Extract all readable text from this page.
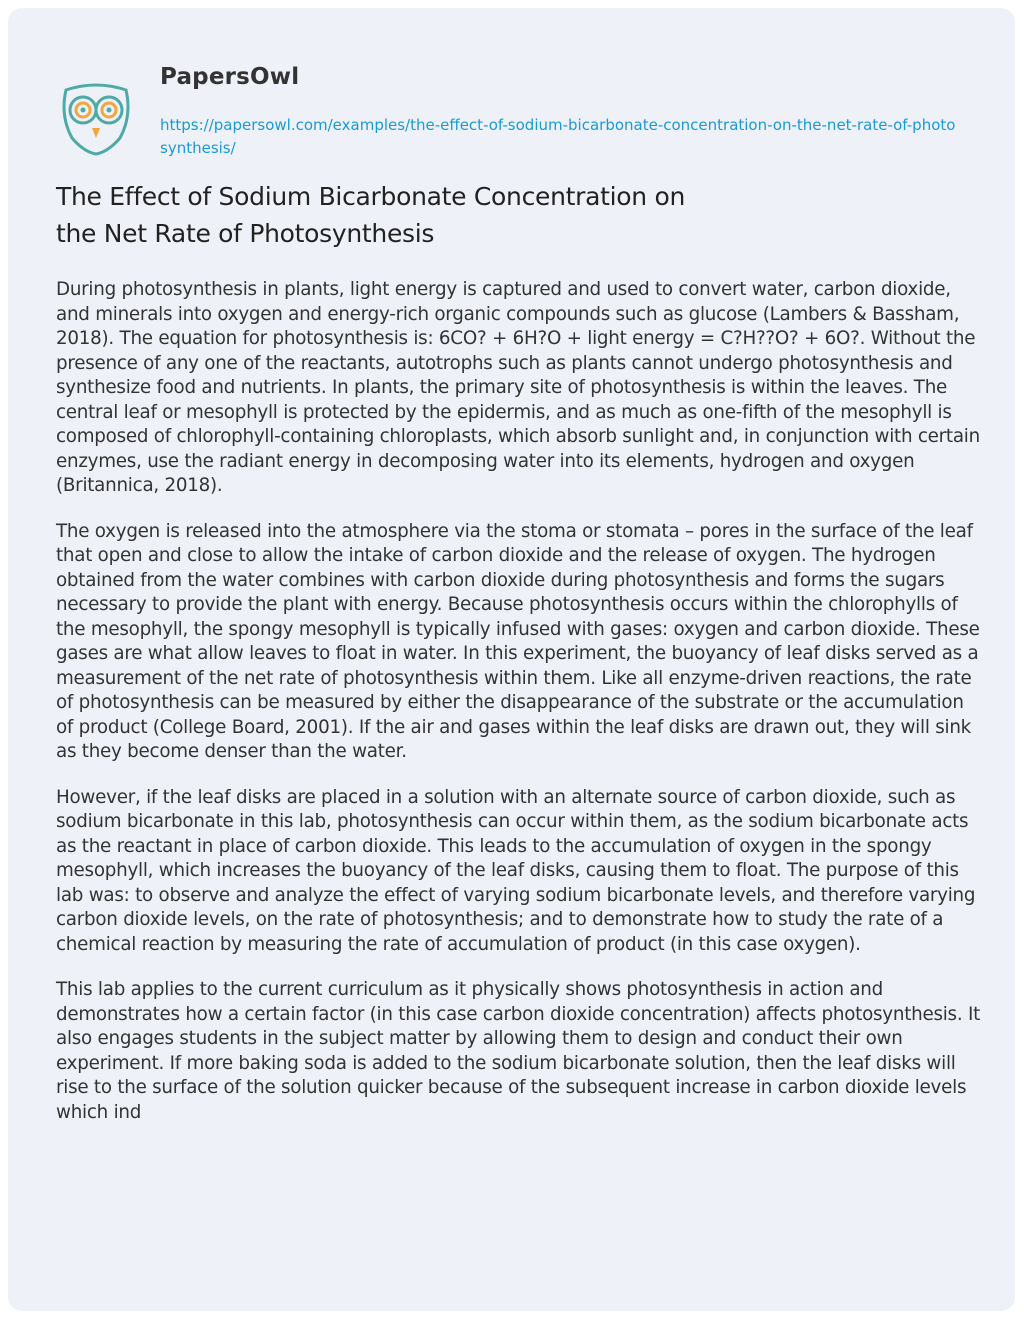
PapersOwl
https://papersowl.com/examples/the-effect-of-sodium-bicarbonate-concentration-on-the-net-rate-of-photosynthesis/
The Effect of Sodium Bicarbonate Concentration on
the Net Rate of Photosynthesis

During photosynthesis in plants, light energy is captured and used to convert water, carbon dioxide, and minerals into oxygen and energy-rich organic compounds such as glucose (Lambers & Bassham, 2018). The equation for photosynthesis is: 6CO? + 6H?O + light energy = C?H??O? + 6O?. Without the presence of any one of the reactants, autotrophs such as plants cannot undergo photosynthesis and synthesize food and nutrients. In plants, the primary site of photosynthesis is within the leaves. The central leaf or mesophyll is protected by the epidermis, and as much as one-fifth of the mesophyll is composed of chlorophyll-containing chloroplasts, which absorb sunlight and, in conjunction with certain enzymes, use the radiant energy in decomposing water into its elements, hydrogen and oxygen (Britannica, 2018).

The oxygen is released into the atmosphere via the stoma or stomata – pores in the surface of the leaf that open and close to allow the intake of carbon dioxide and the release of oxygen. The hydrogen obtained from the water combines with carbon dioxide during photosynthesis and forms the sugars necessary to provide the plant with energy. Because photosynthesis occurs within the chlorophylls of the mesophyll, the spongy mesophyll is typically infused with gases: oxygen and carbon dioxide. These gases are what allow leaves to float in water. In this experiment, the buoyancy of leaf disks served as a measurement of the net rate of photosynthesis within them. Like all enzyme-driven reactions, the rate of photosynthesis can be measured by either the disappearance of the substrate or the accumulation of product (College Board, 2001). If the air and gases within the leaf disks are drawn out, they will sink as they become denser than the water.

However, if the leaf disks are placed in a solution with an alternate source of carbon dioxide, such as sodium bicarbonate in this lab, photosynthesis can occur within them, as the sodium bicarbonate acts as the reactant in place of carbon dioxide. This leads to the accumulation of oxygen in the spongy mesophyll, which increases the buoyancy of the leaf disks, causing them to float. The purpose of this lab was: to observe and analyze the effect of varying sodium bicarbonate levels, and therefore varying carbon dioxide levels, on the rate of photosynthesis; and to demonstrate how to study the rate of a chemical reaction by measuring the rate of accumulation of product (in this case oxygen).

This lab applies to the current curriculum as it physically shows photosynthesis in action and demonstrates how a certain factor (in this case carbon dioxide concentration) affects photosynthesis. It also engages students in the subject matter by allowing them to design and conduct their own experiment. If more baking soda is added to the sodium bicarbonate solution, then the leaf disks will rise to the surface of the solution quicker because of the subsequent increase in carbon dioxide levels which ind
